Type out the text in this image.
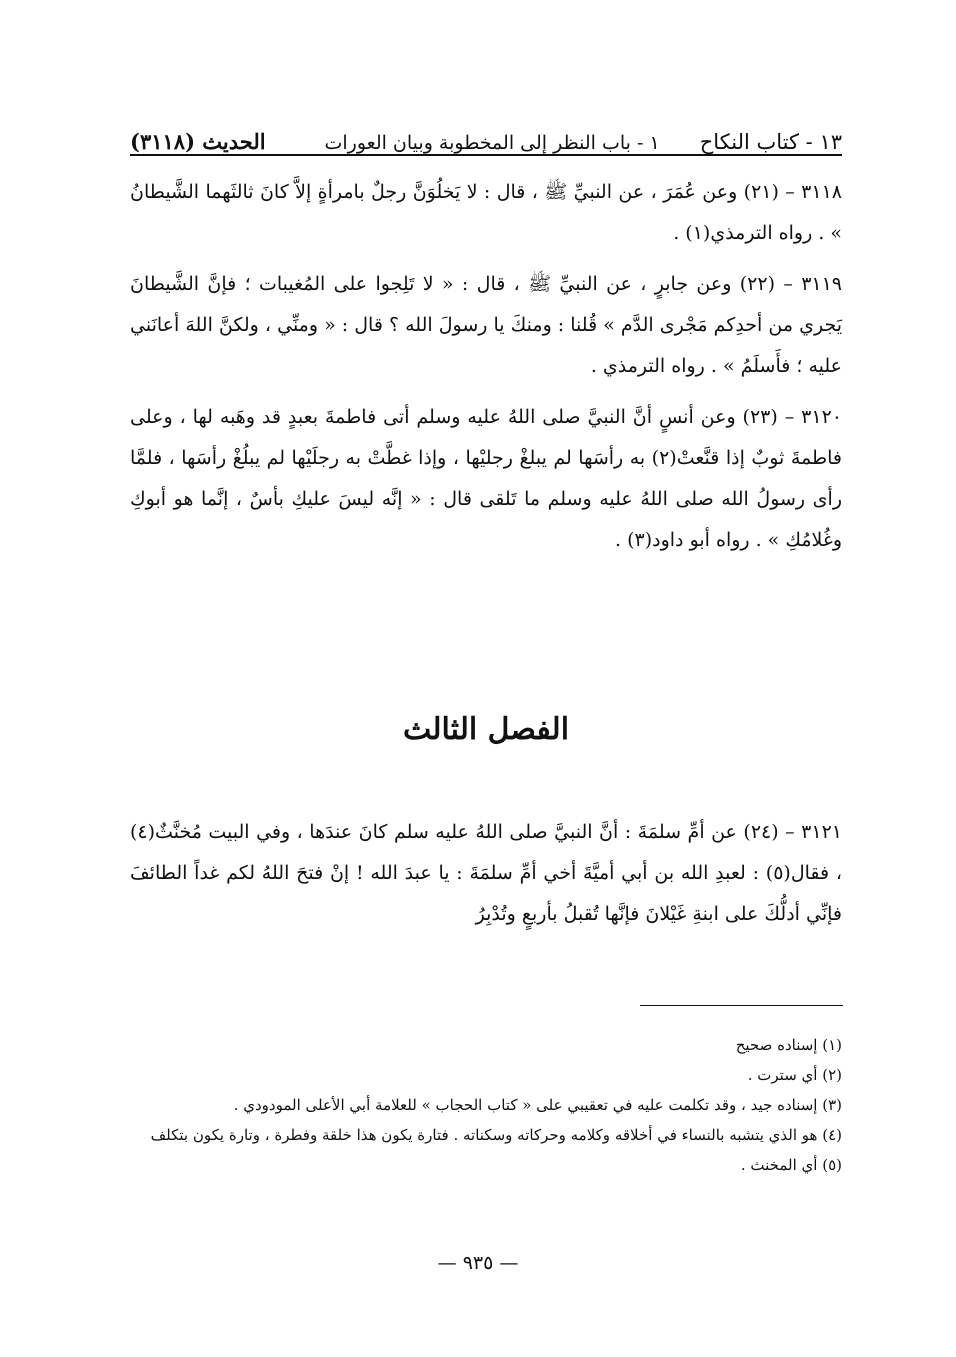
١٣ - كتاب النكاح
١ - باب النظر إلى المخطوبة وبيان العورات
الحديث (٣١١٨)

٣١١٨ – (٢١) وعن عُمَرَ ، عن النبيِّ ﷺ ، قال : لا يَخلُوَنَّ رجلٌ بامرأةٍ إلاَّ كانَ ثالثَهما الشَّيطانُ » . رواه الترمذي(١) .

٣١١٩ – (٢٢) وعن جابرٍ ، عن النبيِّ ﷺ ، قال : « لا تَلِجوا على المُغيبات ؛ فإنَّ الشَّيطانَ يَجري من أحدِكم مَجْرى الدَّم » قُلنا : ومنكَ يا رسولَ الله ؟ قال : « ومنِّي ، ولكنَّ اللهَ أعانَني عليه ؛ فأَسلَمُ » . رواه الترمذي .

٣١٢٠ – (٢٣) وعن أنسٍ أنَّ النبيَّ صلى اللهُ عليه وسلم أتى فاطمةَ بعبدٍ قد وهَبه لها ، وعلى فاطمةَ ثوبٌ إذا قنَّعتْ(٢) به رأسَها لم يبلغْ رجليْها ، وإذا غطَّتْ به رجلَيْها لم يبلُغْ رأسَها ، فلمَّا رأى رسولُ الله صلى اللهُ عليه وسلم ما تَلقى قال : « إنَّه ليسَ عليكِ بأسٌ ، إنَّما هو أبوكِ وغُلامُكِ » . رواه أبو داود(٣) .

الفصل الثالث

٣١٢١ – (٢٤) عن أمِّ سلمَةَ : أنَّ النبيَّ صلى اللهُ عليه سلم كانَ عندَها ، وفي البيت مُخنَّثٌ(٤) ، فقال(٥) : لعبدِ الله بن أبي أميَّةَ أخي أمِّ سلمَةَ : يا عبدَ الله ! إنْ فتحَ اللهُ لكم غداً الطائفَ فإنِّي أدلُّكَ على ابنةِ غَيْلانَ فإنَّها تُقبلُ بأربعٍ وتُدْبِرُ

(١) إسناده صحيح
(٢) أي سترت .
(٣) إسناده جيد ، وقد تكلمت عليه في تعقيبي على « كتاب الحجاب » للعلامة أبي الأعلى المودودي .
(٤) هو الذي يتشبه بالنساء في أخلاقه وكلامه وحركاته وسكناته . فتارة يكون هذا خلقة وفطرة ، وتارة يكون بتكلف
(٥) أي المخنث .
— ٩٣٥ —
